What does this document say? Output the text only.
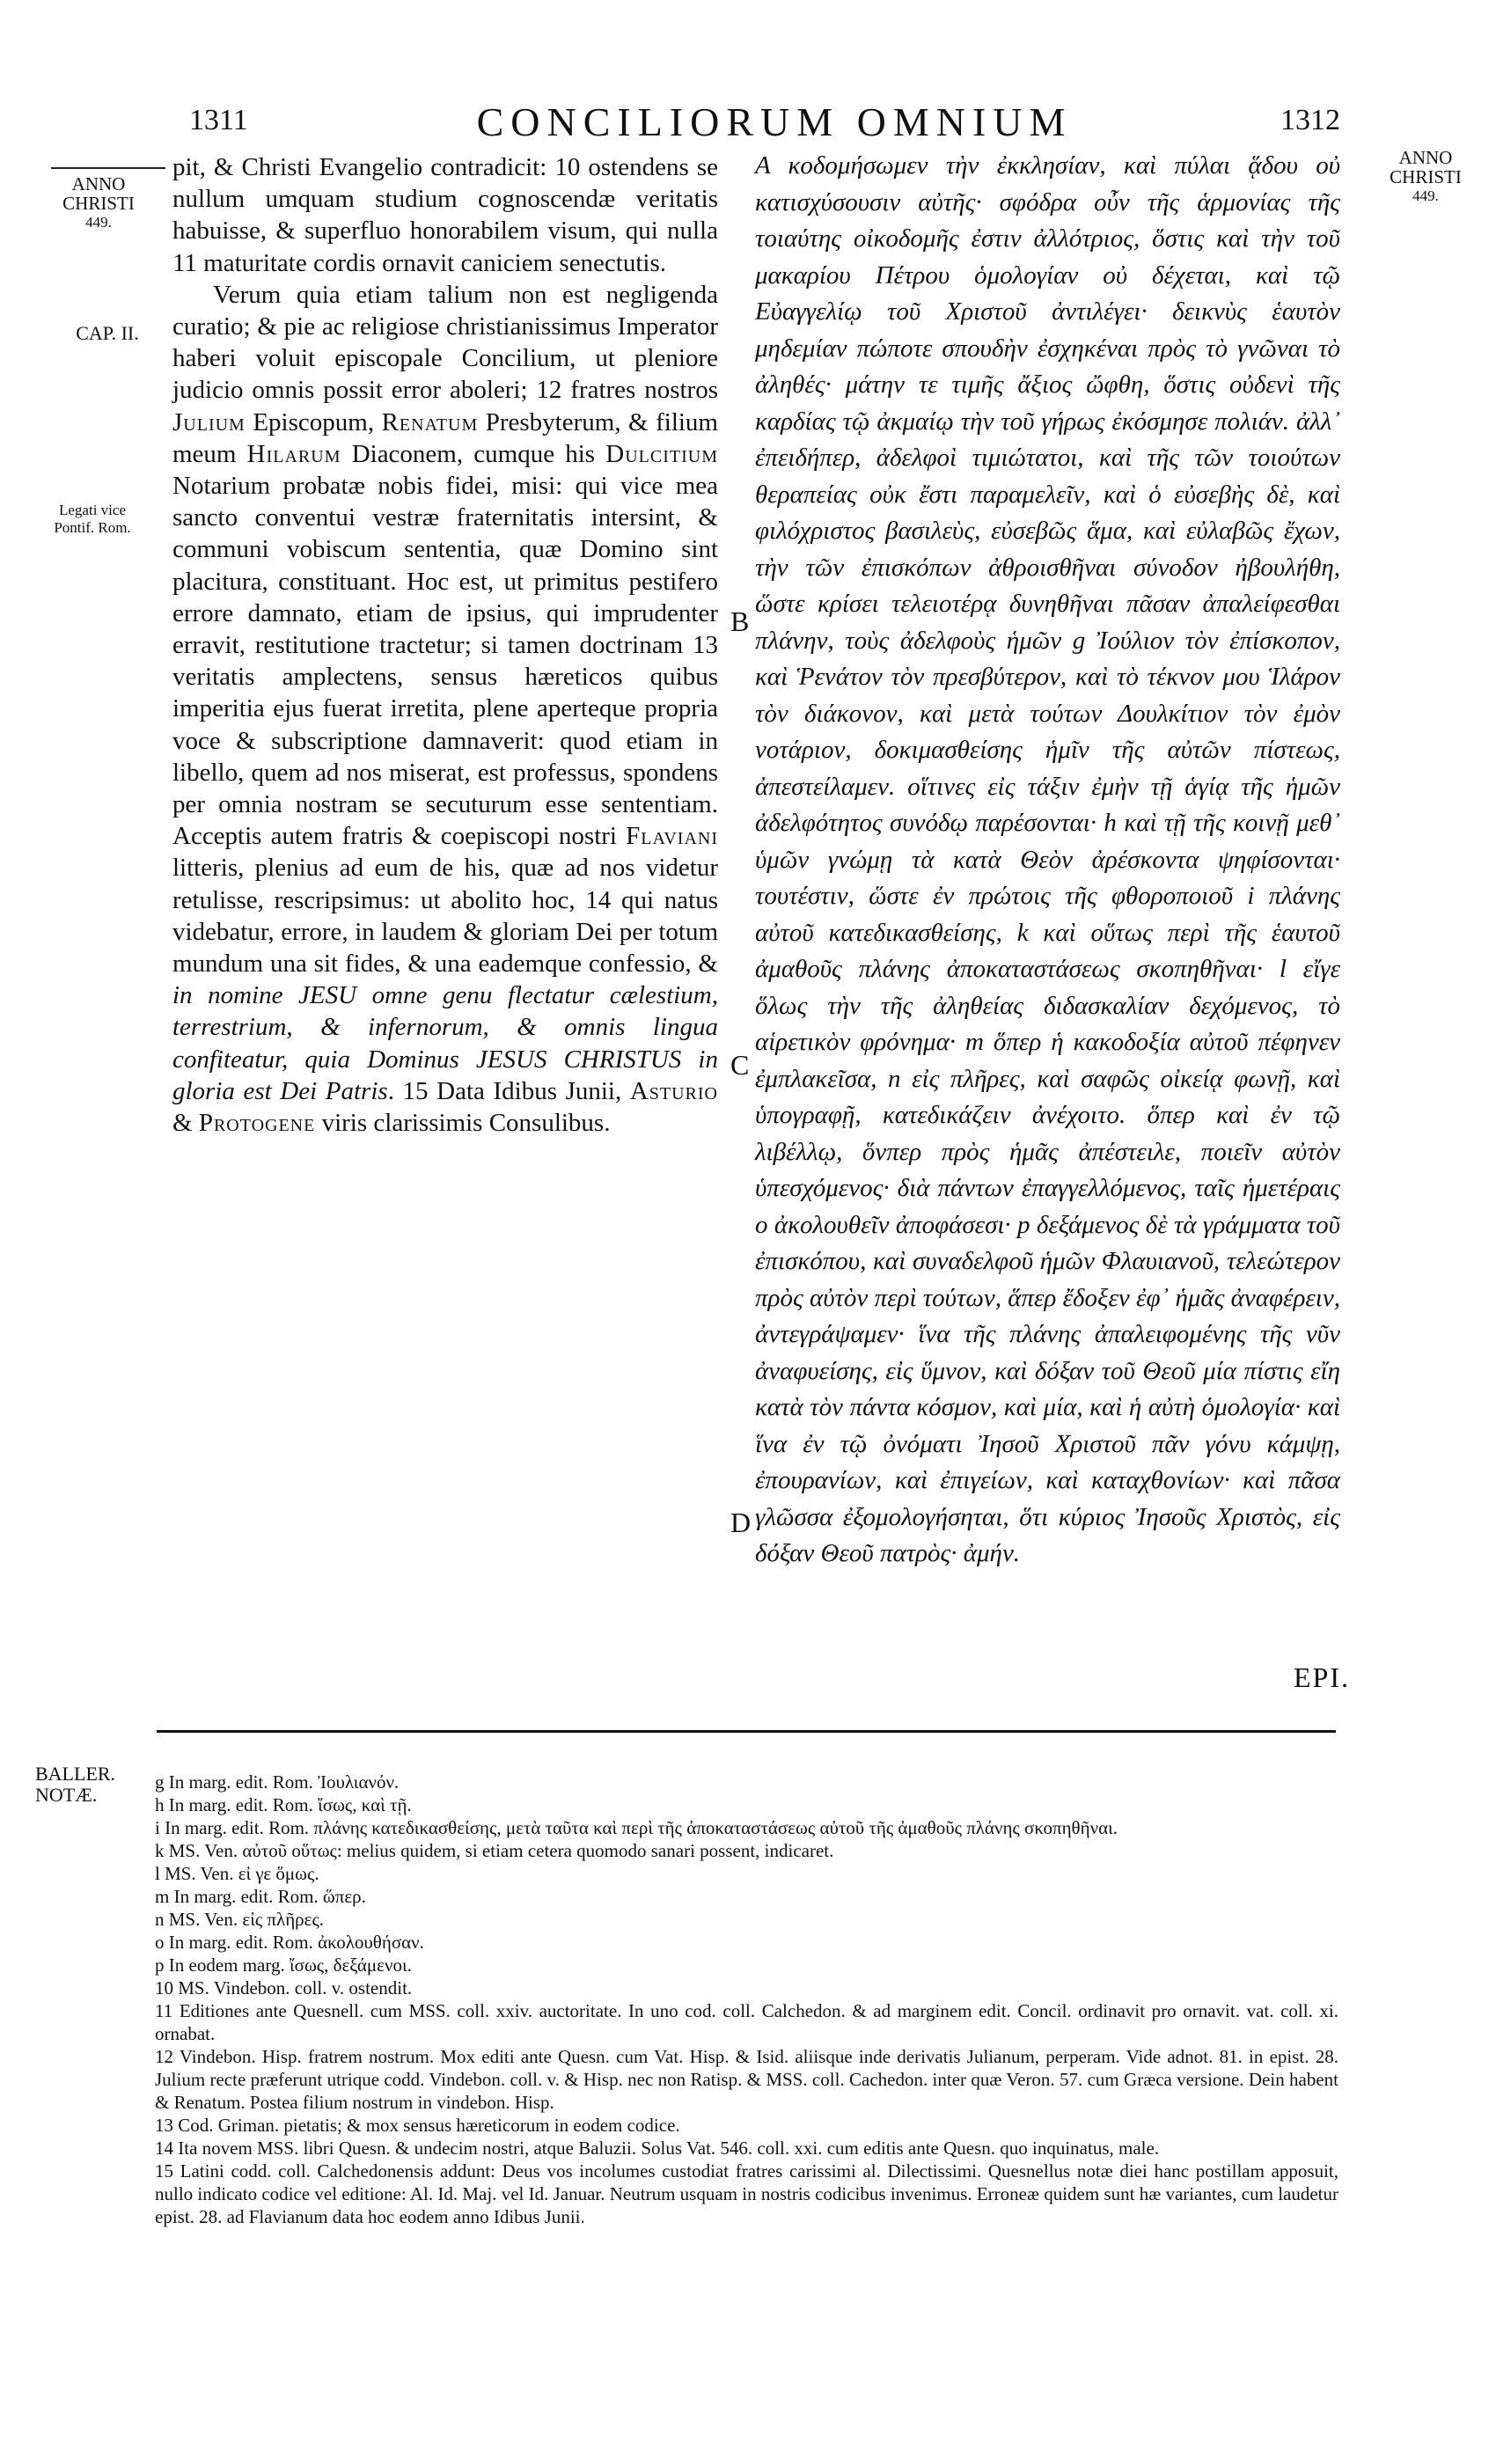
1311	CONCILIORUM OMNIUM	1312
ANNO
CHRISTI
449.
ANNO
CHRISTI
449.
CAP. II.
Legati vice
Pontif. Rom.

pit, & Christi Evangelio contradicit: 10 ostendens se nullum umquam studium cognoscendæ veritatis habuisse, & superfluo honorabilem visum, qui nulla 11 maturitate cordis ornavit caniciem senectutis.

Verum quia etiam talium non est negligenda curatio; & pie ac religiose christianissimus Imperator haberi voluit episcopale Concilium, ut pleniore judicio omnis possit error aboleri; 12 fratres nostros Julium Episcopum, Renatum Presbyterum, & filium meum Hilarum Diaconem, cumque his Dulcitium Notarium probatæ nobis fidei, misi: qui vice mea sancto conventui vestræ fraternitatis intersint, & communi vobiscum sententia, quæ Domino sint placitura, constituant. Hoc est, ut primitus pestifero errore damnato, etiam de ipsius, qui imprudenter erravit, restitutione tractetur; si tamen doctrinam 13 veritatis amplectens, sensus hæreticos quibus imperitia ejus fuerat irretita, plene aperteque propria voce & subscriptione damnaverit: quod etiam in libello, quem ad nos miserat, est professus, spondens per omnia nostram se secuturum esse sententiam. Acceptis autem fratris & coepiscopi nostri Flaviani litteris, plenius ad eum de his, quæ ad nos videtur retulisse, rescripsimus: ut abolito hoc, 14 qui natus videbatur, errore, in laudem & gloriam Dei per totum mundum una sit fides, & una eademque confessio, & in nomine JESU omne genu flectatur cælestium, terrestrium, & infernorum, & omnis lingua confiteatur, quia Dominus JESUS CHRISTUS in gloria est Dei Patris. 15 Data Idibus Junii, Asturio & Protogene viris clarissimis Consulibus.

B
C
D

A κοδομήσωμεν τὴν ἐκκλησίαν, καὶ πύλαι ᾅδου οὐ κατισχύσουσιν αὐτῆς· σφόδρα οὖν τῆς ἁρμονίας τῆς τοιαύτης οἰκοδομῆς ἐστιν ἀλλότριος, ὅστις καὶ τὴν τοῦ μακαρίου Πέτρου ὁμολογίαν οὐ δέχεται, καὶ τῷ Εὐαγγελίῳ τοῦ Χριστοῦ ἀντιλέγει· δεικνὺς ἑαυτὸν μηδεμίαν πώποτε σπουδὴν ἐσχηκέναι πρὸς τὸ γνῶναι τὸ ἀληθές· μάτην τε τιμῆς ἄξιος ὤφθη, ὅστις οὐδενὶ τῆς καρδίας τῷ ἀκμαίῳ τὴν τοῦ γήρως ἐκόσμησε πολιάν. ἀλλ᾽ ἐπειδήπερ, ἀδελφοὶ τιμιώτατοι, καὶ τῆς τῶν τοιούτων θεραπείας οὐκ ἔστι παραμελεῖν, καὶ ὁ εὐσεβὴς δὲ, καὶ φιλόχριστος βασιλεὺς, εὐσεβῶς ἅμα, καὶ εὐλαβῶς ἔχων, τὴν τῶν ἐπισκόπων ἀθροισθῆναι σύνοδον ἠβουλήθη, ὥστε κρίσει τελειοτέρᾳ δυνηθῆναι πᾶσαν ἀπαλείφεσθαι πλάνην, τοὺς ἀδελφοὺς ἡμῶν g Ἰούλιον τὸν ἐπίσκοπον, καὶ Ῥενάτον τὸν πρεσβύτερον, καὶ τὸ τέκνον μου Ἱλάρον τὸν διάκονον, καὶ μετὰ τούτων Δουλκίτιον τὸν ἐμὸν νοτάριον, δοκιμασθείσης ἡμῖν τῆς αὐτῶν πίστεως, ἀπεστείλαμεν. οἵτινες εἰς τάξιν ἐμὴν τῇ ἁγίᾳ τῆς ἡμῶν ἀδελφότητος συνόδῳ παρέσονται· h καὶ τῇ τῆς κοινῇ μεθ᾽ ὑμῶν γνώμῃ τὰ κατὰ Θεὸν ἀρέσκοντα ψηφίσονται· τουτέστιν, ὥστε ἐν πρώτοις τῆς φθοροποιοῦ i πλάνης αὐτοῦ κατεδικασθείσης, k καὶ οὕτως περὶ τῆς ἑαυτοῦ ἀμαθοῦς πλάνης ἀποκαταστάσεως σκοπηθῆναι· l εἴγε ὅλως τὴν τῆς ἀληθείας διδασκαλίαν δεχόμενος, τὸ αἱρετικὸν φρόνημα· m ὅπερ ἡ κακοδοξία αὐτοῦ πέφηνεν ἐμπλακεῖσα, n εἰς πλῆρες, καὶ σαφῶς οἰκείᾳ φωνῇ, καὶ ὑπογραφῇ, κατεδικάζειν ἀνέχοιτο. ὅπερ καὶ ἐν τῷ λιβέλλῳ, ὅνπερ πρὸς ἡμᾶς ἀπέστειλε, ποιεῖν αὐτὸν ὑπεσχόμενος· διὰ πάντων ἐπαγγελλόμενος, ταῖς ἡμετέραις o ἀκολουθεῖν ἀποφάσεσι· p δεξάμενος δὲ τὰ γράμματα τοῦ ἐπισκόπου, καὶ συναδελφοῦ ἡμῶν Φλαυιανοῦ, τελεώτερον πρὸς αὐτὸν περὶ τούτων, ἅπερ ἔδοξεν ἐφ᾽ ἡμᾶς ἀναφέρειν, ἀντεγράψαμεν· ἵνα τῆς πλάνης ἀπαλειφομένης τῆς νῦν ἀναφυείσης, εἰς ὕμνον, καὶ δόξαν τοῦ Θεοῦ μία πίστις εἴη κατὰ τὸν πάντα κόσμον, καὶ μία, καὶ ἡ αὐτὴ ὁμολογία· καὶ ἵνα ἐν τῷ ὀνόματι Ἰησοῦ Χριστοῦ πᾶν γόνυ κάμψῃ, ἐπουρανίων, καὶ ἐπιγείων, καὶ καταχθονίων· καὶ πᾶσα γλῶσσα ἐξομολογήσηται, ὅτι κύριος Ἰησοῦς Χριστὸς, εἰς δόξαν Θεοῦ πατρὸς· ἀμήν.

EPI.
BALLER.
NOTÆ.
g In marg. edit. Rom. Ἰουλιανόν.
h In marg. edit. Rom. ἴσως, καὶ τῇ.
i In marg. edit. Rom. πλάνης κατεδικασθείσης, μετὰ ταῦτα καὶ περὶ τῆς ἀποκαταστάσεως αὐτοῦ τῆς ἀμαθοῦς πλάνης σκοπηθῆναι.
k MS. Ven. αὐτοῦ οὕτως: melius quidem, si etiam cetera quomodo sanari possent, indicaret.
l MS. Ven. εἰ γε ὅμως.
m In marg. edit. Rom. ὥπερ.
n MS. Ven. εἰς πλῆρες.
o In marg. edit. Rom. ἀκολουθήσαν.
p In eodem marg. ἴσως, δεξάμενοι.
10 MS. Vindebon. coll. v. ostendit.
11 Editiones ante Quesnell. cum MSS. coll. xxiv. auctoritate. In uno cod. coll. Calchedon. & ad marginem edit. Concil. ordinavit pro ornavit. vat. coll. xi. ornabat.
12 Vindebon. Hisp. fratrem nostrum. Mox editi ante Quesn. cum Vat. Hisp. & Isid. aliisque inde derivatis Julianum, perperam. Vide adnot. 81. in epist. 28. Julium recte præferunt utrique codd. Vindebon. coll. v. & Hisp. nec non Ratisp. & MSS. coll. Cachedon. inter quæ Veron. 57. cum Græca versione. Dein habent & Renatum. Postea filium nostrum in vindebon. Hisp.
13 Cod. Griman. pietatis; & mox sensus hæreticorum in eodem codice.
14 Ita novem MSS. libri Quesn. & undecim nostri, atque Baluzii. Solus Vat. 546. coll. xxi. cum editis ante Quesn. quo inquinatus, male.
15 Latini codd. coll. Calchedonensis addunt: Deus vos incolumes custodiat fratres carissimi al. Dilectissimi. Quesnellus notæ diei hanc postillam apposuit, nullo indicato codice vel editione: Al. Id. Maj. vel Id. Januar. Neutrum usquam in nostris codicibus invenimus. Erroneæ quidem sunt hæ variantes, cum laudetur epist. 28. ad Flavianum data hoc eodem anno Idibus Junii.
